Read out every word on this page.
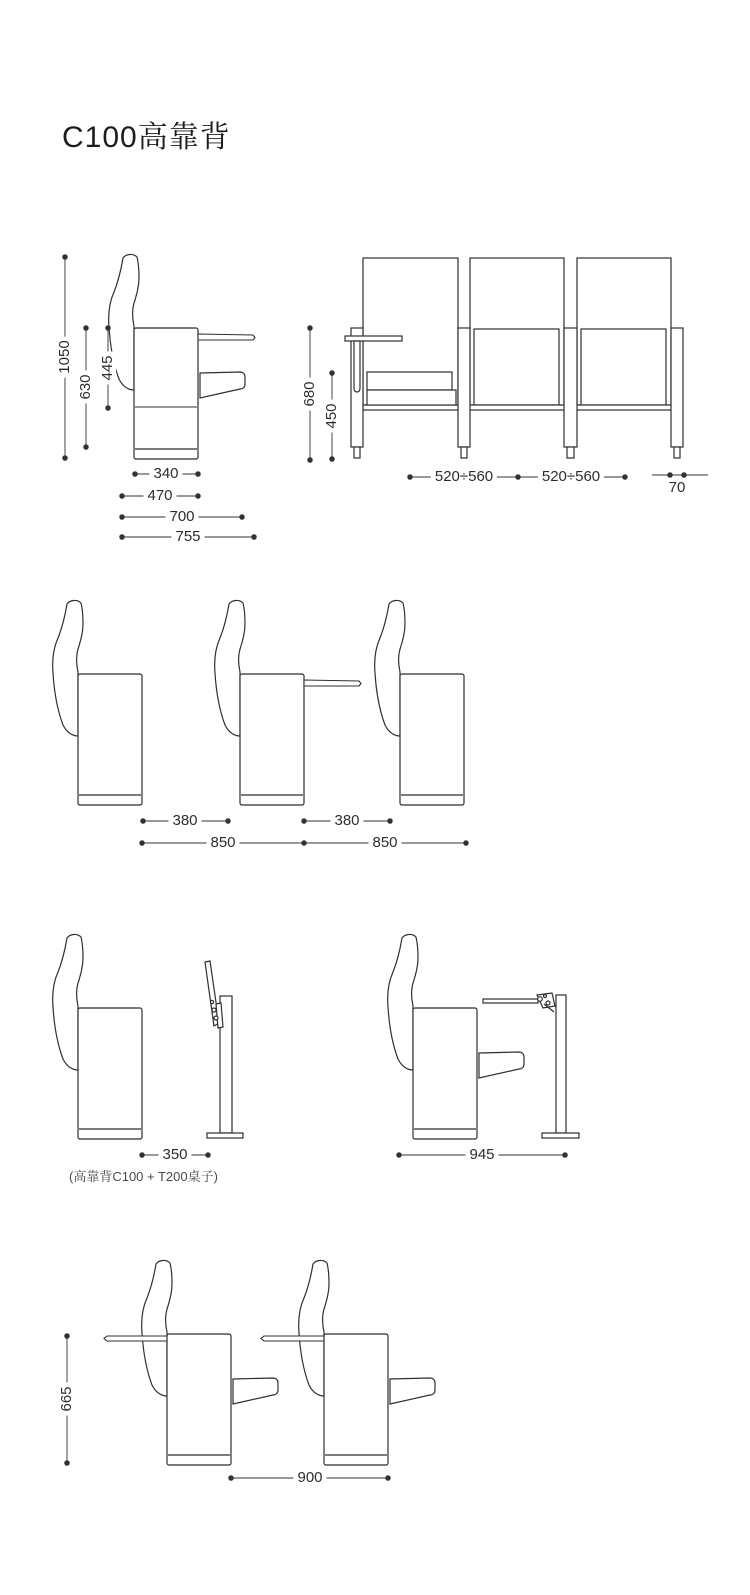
C100高靠背
1050
630
445
340
470
700
755
680
450
520÷560	520÷560
70
380	380
850	850
350	945
(高靠背C100 + T200桌子)
665
900
